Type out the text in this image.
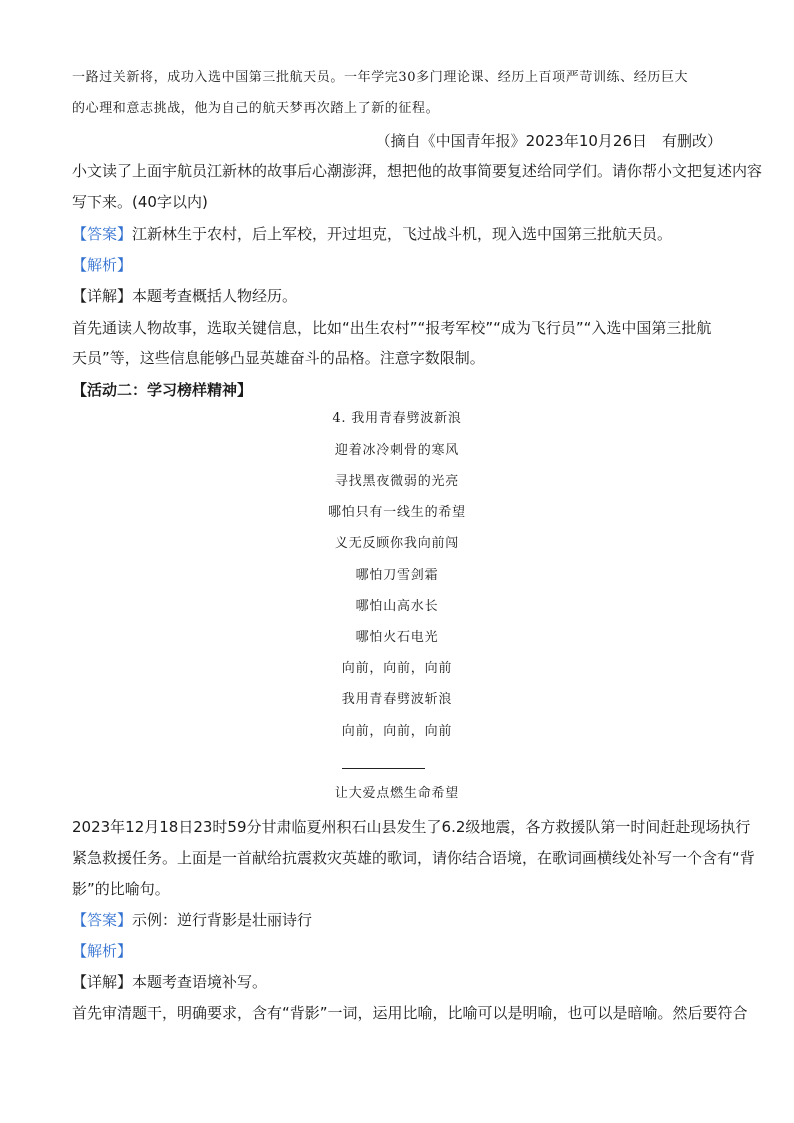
一路过关新将，成功入选中国第三批航天员。一年学完30多门理论课、经历上百项严苛训练、经历巨大
的心理和意志挑战，他为自己的航天梦再次踏上了新的征程。
（摘自《中国青年报》2023年10月26日　有删改）
小文读了上面宇航员江新林的故事后心潮澎湃，想把他的故事简要复述给同学们。请你帮小文把复述内容
写下来。(40字以内)
【答案】江新林生于农村，后上军校，开过坦克，飞过战斗机，现入选中国第三批航天员。
【解析】
【详解】本题考查概括人物经历。
首先通读人物故事，选取关键信息，比如“出生农村”“报考军校”“成为飞行员”“入选中国第三批航
天员”等，这些信息能够凸显英雄奋斗的品格。注意字数限制。
【活动二：学习榜样精神】
4. 我用青春劈波新浪
迎着冰冷刺骨的寒风
寻找黑夜微弱的光亮
哪怕只有一线生的希望
义无反顾你我向前闯
哪怕刀雪剑霜
哪怕山高水长
哪怕火石电光
向前，向前，向前
我用青春劈波斩浪
向前，向前，向前
让大爱点燃生命希望
2023年12月18日23时59分甘肃临夏州积石山县发生了6.2级地震，各方救援队第一时间赶赴现场执行
紧急救援任务。上面是一首献给抗震救灾英雄的歌词，请你结合语境，在歌词画横线处补写一个含有“背
影”的比喻句。
【答案】示例：逆行背影是壮丽诗行
【解析】
【详解】本题考查语境补写。
首先审清题干，明确要求，含有“背影”一词，运用比喻，比喻可以是明喻，也可以是暗喻。然后要符合
